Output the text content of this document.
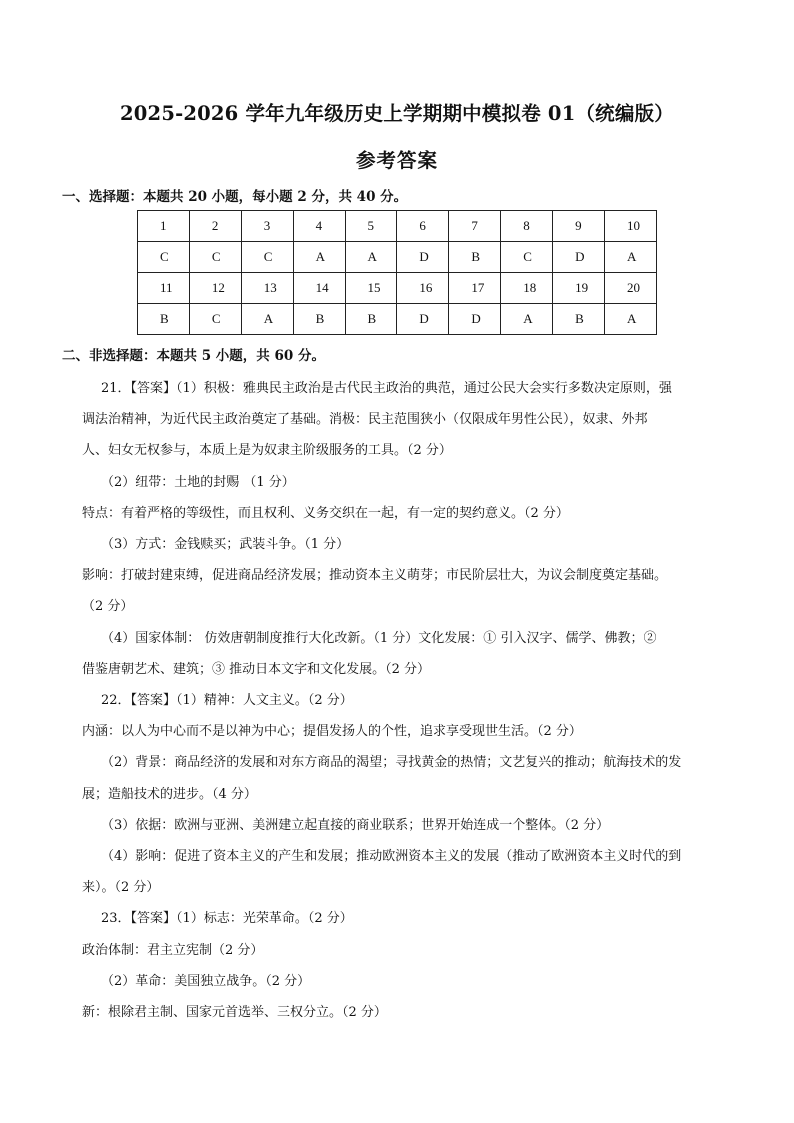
2025-2026 学年九年级历史上学期期中模拟卷 01（统编版）
参考答案
一、选择题：本题共 20 小题，每小题 2 分，共 40 分。
1	2	3	4	5	6	7	8	9	10
C	C	C	A	A	D	B	C	D	A
11	12	13	14	15	16	17	18	19	20
B	C	A	B	B	D	D	A	B	A
二、非选择题：本题共 5 小题，共 60 分。
21．【答案】（1）积极：雅典民主政治是古代民主政治的典范，通过公民大会实行多数决定原则，强
调法治精神，为近代民主政治奠定了基础。消极：民主范围狭小（仅限成年男性公民），奴隶、外邦
人、妇女无权参与，本质上是为奴隶主阶级服务的工具。（2 分）
（2）纽带：土地的封赐 （1 分）
特点：有着严格的等级性，而且权利、义务交织在一起，有一定的契约意义。（2 分）
（3）方式：金钱赎买；武装斗争。（1 分）
影响：打破封建束缚，促进商品经济发展；推动资本主义萌芽；市民阶层壮大，为议会制度奠定基础。
（2 分）
（4）国家体制： 仿效唐朝制度推行大化改新。（1 分）文化发展：① 引入汉字、儒学、佛教；②
借鉴唐朝艺术、建筑；③ 推动日本文字和文化发展。（2 分）
22．【答案】（1）精神：人文主义。（2 分）
内涵：以人为中心而不是以神为中心；提倡发扬人的个性，追求享受现世生活。（2 分）
（2）背景：商品经济的发展和对东方商品的渴望；寻找黄金的热情；文艺复兴的推动；航海技术的发
展；造船技术的进步。（4 分）
（3）依据：欧洲与亚洲、美洲建立起直接的商业联系；世界开始连成一个整体。（2 分）
（4）影响：促进了资本主义的产生和发展；推动欧洲资本主义的发展（推动了欧洲资本主义时代的到
来）。（2 分）
23．【答案】（1）标志：光荣革命。（2 分）
政治体制：君主立宪制（2 分）
（2）革命：美国独立战争。（2 分）
新：根除君主制、国家元首选举、三权分立。（2 分）
